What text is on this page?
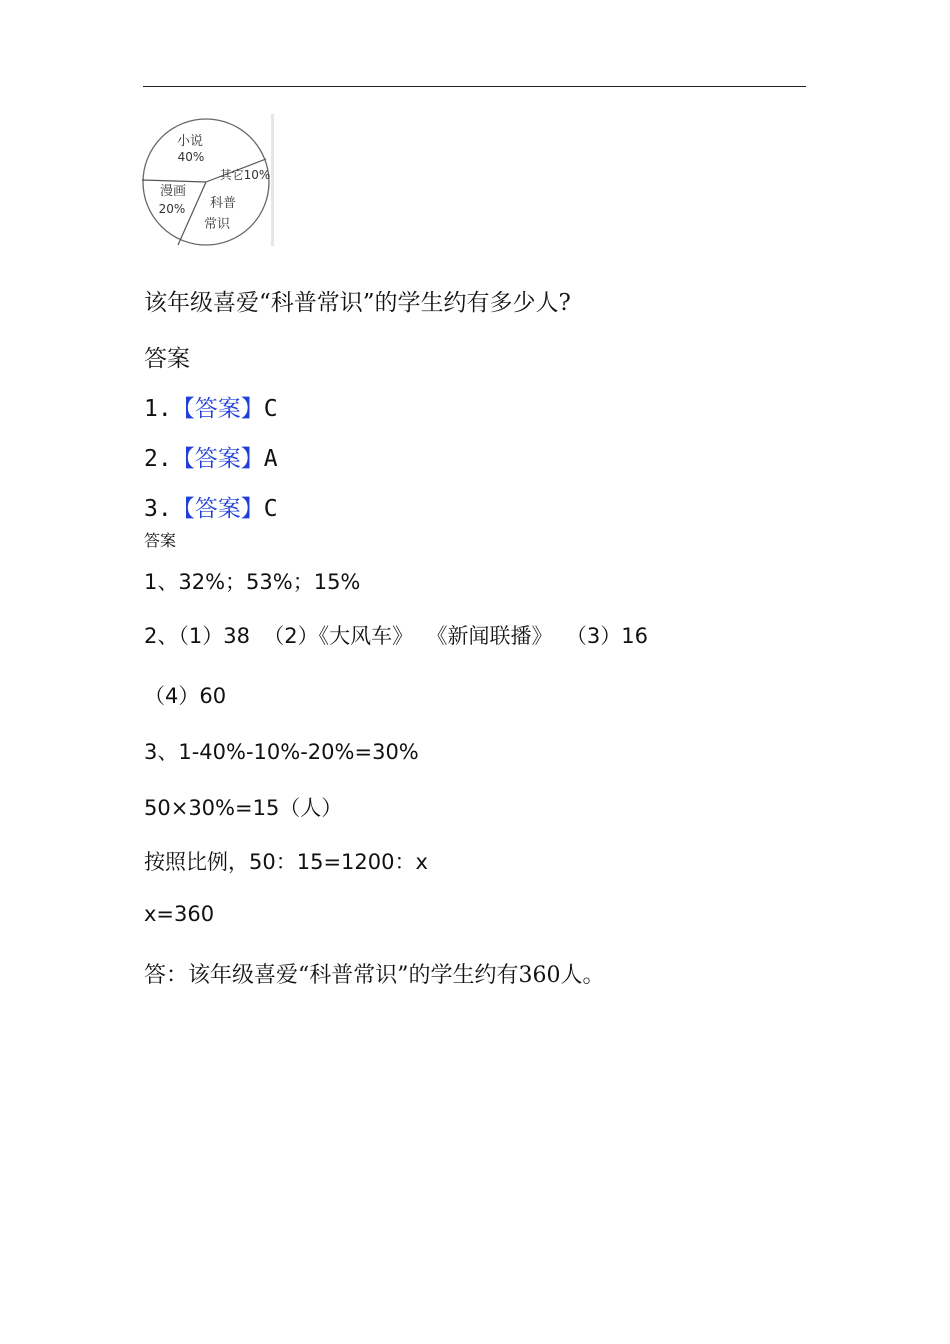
小说
40%
其它10%
科普
常识
漫画
20%
该年级喜爱“科普常识”的学生约有多少人?
答案
1.【答案】C
2.【答案】A
3.【答案】C
答案
1、32%；53%；15%
2、（1）38  （2）《大风车》  《新闻联播》  （3）16
（4）60
3、1-40%-10%-20%=30%
50×30%=15（人）
按照比例，50：15=1200：x
x=360
答：该年级喜爱“科普常识”的学生约有360人。
